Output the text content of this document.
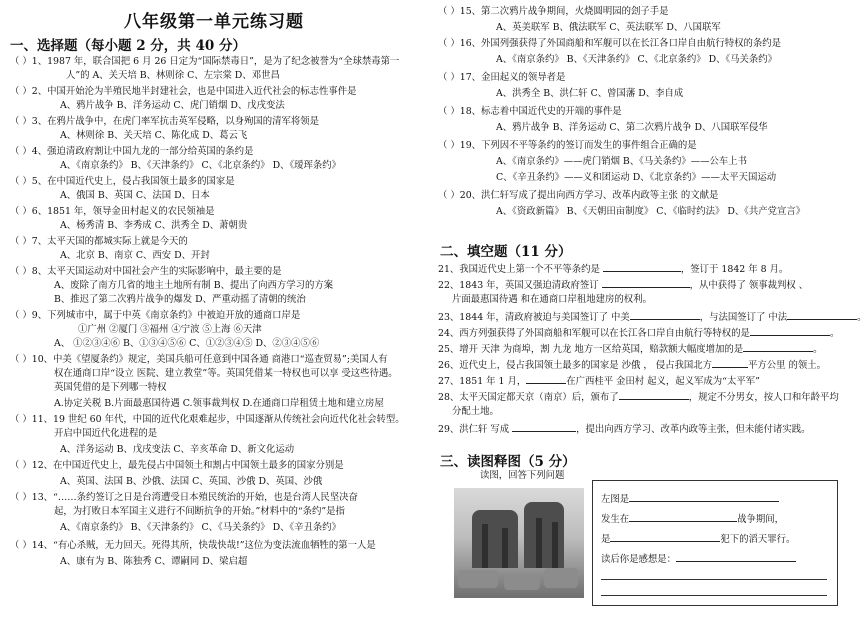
八年级第一单元练习题
一、选择题（每小题 2 分，共 40 分）
（ ）1、1987 年，联合国把 6 月 26 日定为“国际禁毒日”，是为了纪念被誉为“全球禁毒第一
人”的 A、关天培 B、林则徐 C、左宗棠 D、邓世昌
（ ）2、中国开始沦为半殖民地半封建社会，也是中国进入近代社会的标志性事件是
A、鸦片战争 B、洋务运动 C、虎门销烟 D、戊戌变法
（ ）3、在鸦片战争中，在虎门率军抗击英军侵略，以身殉国的清军将领是
A、林则徐 B、关天培 C、陈化成 D、葛云飞
（ ）4、强迫清政府割让中国九龙的一部分给英国的条约是
A、《南京条约》 B、《天津条约》 C、《北京条约》 D、《瑷珲条约》
（ ）5、在中国近代史上，侵占我国领土最多的国家是
A、俄国 B、英国 C、法国 D、日本
（ ）6、1851 年，领导金田村起义的农民领袖是
A、杨秀清 B、李秀成 C、洪秀全 D、萧朝贵
（ ）7、太平天国的都城实际上就是今天的
A、北京 B、南京 C、西安 D、开封
（ ）8、太平天国运动对中国社会产生的实际影响中，最主要的是
A、废除了南方几省的地主土地所有制 B、提出了向西方学习的方案
B、推迟了第二次鸦片战争的爆发 D、严重动摇了清朝的统治
（ ）9、下列城市中，属于中英《南京条约》中被迫开放的通商口岸是
①广州 ②厦门 ③福州 ④宁波 ⑤上海 ⑥天津
A、 ①②③④⑥ B、①③④⑤⑥ C、①②③④⑤ D、②③④⑤⑥
（ ）10、中美《望厦条约》规定，美国兵船可任意到中国各通 商港口“巡查贸易”;美国人有
权在通商口岸“设立 医院、建立教堂”等。英国凭借某一特权也可以享 受这些待遇。
英国凭借的是下列哪一特权
A.协定关税 B.片面最惠国待遇 C.领事裁判权 D.在通商口岸租赁土地和建立房屋
（ ）11、19 世纪 60 年代，中国的近代化艰难起步，中国逐渐从传统社会向近代化社会转型。
开启中国近代化进程的是
A、洋务运动 B、戊戌变法 C、辛亥革命 D、新文化运动
（ ）12、在中国近代史上，最先侵占中国领土和割占中国领土最多的国家分别是
A、英国、法国 B、沙俄、法国 C、英国、沙俄 D、英国、沙俄
（ ）13、“……条约签订之日是台湾遭受日本殖民统治的开始，也是台湾人民坚决奋
起，为打败日本军国主义进行不间断抗争的开始。”材料中的“条约”是指
A、《南京条约》 B、《天津条约》 C、《马关条约》 D、《辛丑条约》
（ ）14、“有心杀贼，无力回天。死得其所，快哉快哉!”这位为变法流血牺牲的第一人是
A、康有为 B、陈独秀 C、谭嗣同 D、梁启超
（ ）15、第二次鸦片战争期间，火烧圆明园的刽子手是
A、英美联军 B、俄法联军 C、英法联军 D、八国联军
（ ）16、外国列强获得了外国商船和军舰可以在长江各口岸自由航行特权的条约是
A、《南京条约》 B、《天津条约》 C、《北京条约》 D、《马关条约》
（ ）17、金田起义的领导者是
A、洪秀全 B、洪仁轩 C、曾国藩 D、李自成
（ ）18、标志着中国近代史的开端的事件是
A、鸦片战争 B、洋务运动 C、第二次鸦片战争 D、八国联军侵华
（ ）19、下列因不平等条约的签订而发生的事件组合正确的是
A、《南京条约》——虎门销烟 B、《马关条约》——公车上书
C、《辛丑条约》——义和团运动 D、《北京条约》——太平天国运动
（ ）20、洪仁轩写成了提出向西方学习、改革内政等主张 的文献是
A、《资政新篇》 B、《天朝田亩制度》 C、《临时约法》 D、《共产党宣言》
二、填空题（11 分）
21、我国近代史上第一个不平等条约是	，签订于 1842 年 8 月。
22、1843 年，英国又强迫清政府签订	，从中获得了 领事裁判权 、
片面最惠国待遇 和在通商口岸租地建房的权利。
23、1844 年，清政府被迫与美国签订了 中美	，与法国签订了 中法	。
24、西方列强获得了外国商船和军舰可以在长江各口岸自由航行等特权的是	。
25、增开 天津 为商埠，割 九龙 地方一区给英国，赔款额大幅度增加的是	。
26、近代史上，侵占我国领土最多的国家是 沙俄 ， 侵占我国北方	平方公里 的领土。
27、1851 年 1 月，	在广西桂平 金田村 起义，起义军成为“太平军”
28、太平天国定都天京（南京）后，颁布了	，规定不分男女，按人口和年龄平均
分配土地。
29、洪仁轩 写成	，提出向西方学习、改革内政等主张，但未能付诸实践。
三、读图释图（5 分）
读图，回答下列问题
左图是
发生在	战争期间，
是	犯下的滔天罪行。
读后你是感想是：
